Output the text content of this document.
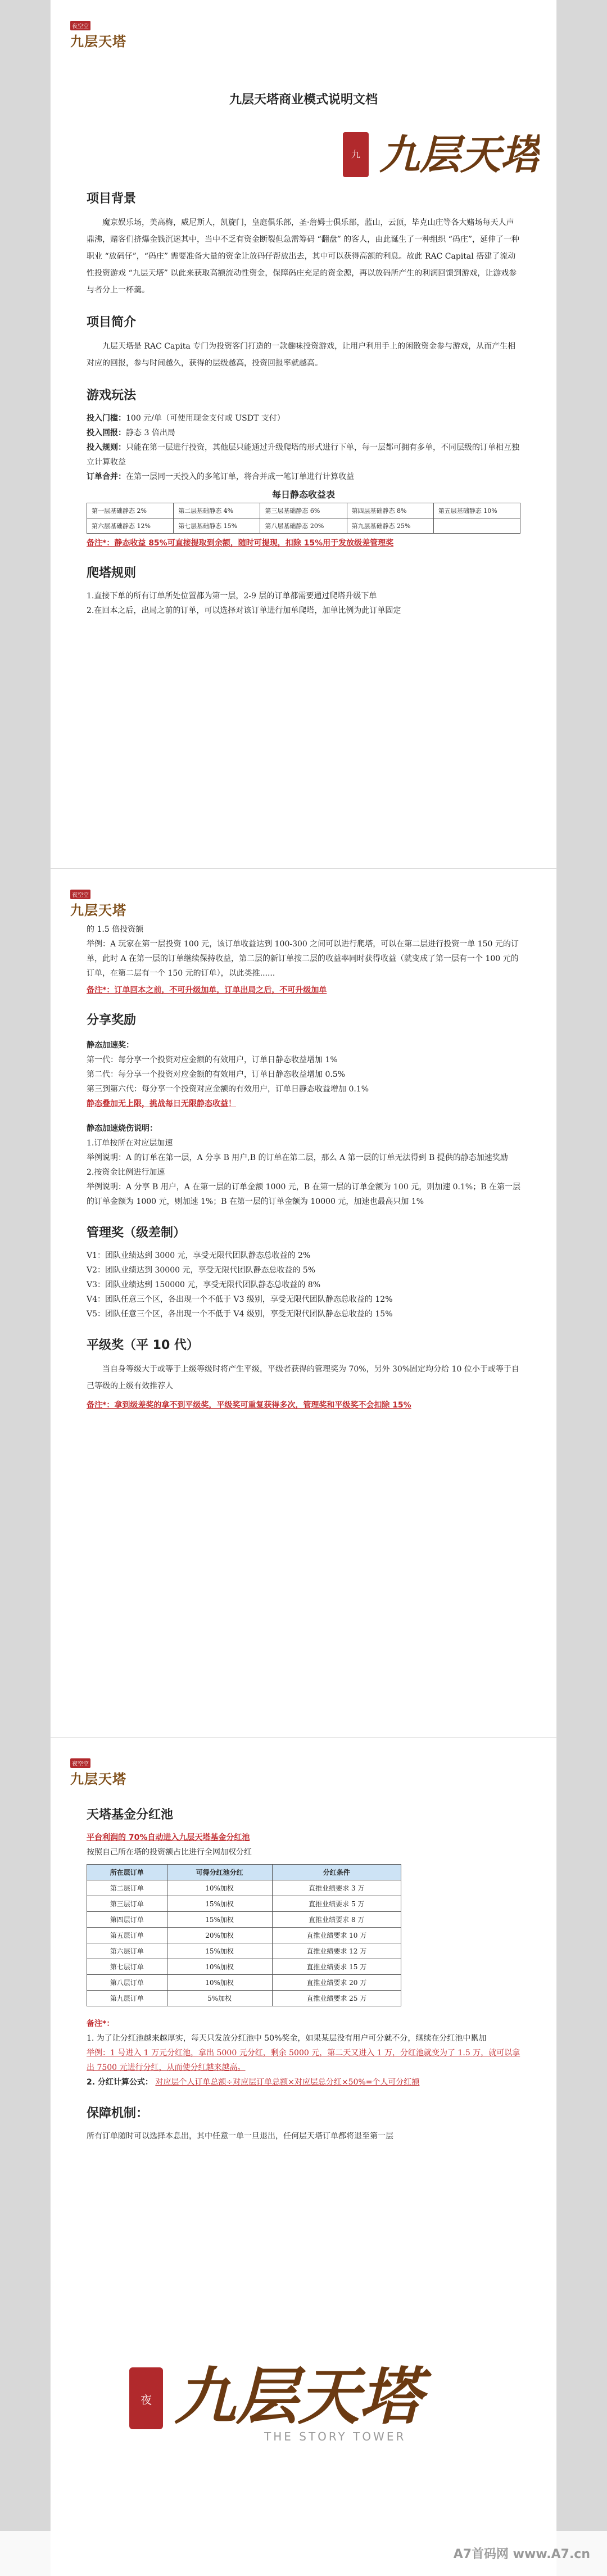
夜空空 九层天塔
九 九层天塔
九层天塔商业模式说明文档
项目背景

魔京娱乐场，美高梅，威尼斯人，凯旋门，皇庭俱乐部，圣·詹姆士俱乐部，蓝山，云顶，毕克山庄等各大赌场每天人声鼎沸，赌客们挤爆金钱沉迷其中，当中不乏有资金断裂但急需筹码 “翻盘” 的客人，由此诞生了一种组织 “码庄”，延伸了一种职业 “放码仔”，“码庄” 需要准备大量的资金让放码仔帮放出去，其中可以获得高额的利息。故此 RAC Capital 搭建了流动性投资游戏 “九层天塔” 以此来获取高额流动性资金，保障码庄充足的资金源，再以放码所产生的利润回馈到游戏，让游戏参与者分上一杯羹。

项目简介

九层天塔是 RAC Capita 专门为投资客门打造的一款趣味投资游戏，让用户利用手上的闲散资金参与游戏，从而产生相对应的回报，参与时间越久，获得的层级越高，投资回报率就越高。

游戏玩法

投入门槛：100 元/单（可使用现金支付或 USDT 支付）

投入回报：静态 3 倍出局

投入规则：只能在第一层进行投资，其他层只能通过升级爬塔的形式进行下单，每一层都可拥有多单，不同层级的订单相互独立计算收益

订单合并：在第一层同一天投入的多笔订单，将合并成一笔订单进行计算收益

每日静态收益表
第一层基础静态 2%	第二层基础静态 4%	第三层基础静态 6%	第四层基础静态 8%	第五层基础静态 10%
第六层基础静态 12%	第七层基础静态 15%	第八层基础静态 20%	第九层基础静态 25%	
备注*：静态收益 85%可直接提取到余额，随时可提现，扣除 15%用于发放级差管理奖
爬塔规则

1.直接下单的所有订单所处位置都为第一层，2-9 层的订单都需要通过爬塔升级下单

2.在回本之后，出局之前的订单，可以选择对该订单进行加单爬塔，加单比例为此订单固定

夜空空 九层天塔

的 1.5 倍投资额

举例：A 玩家在第一层投资 100 元，该订单收益达到 100-300 之间可以进行爬塔，可以在第二层进行投资一单 150 元的订单，此时 A 在第一层的订单继续保持收益，第二层的新订单按二层的收益率同时获得收益（就变成了第一层有一个 100 元的订单，在第二层有一个 150 元的订单），以此类推......

备注*：订单回本之前，不可升级加单，订单出局之后，不可升级加单
分享奖励
静态加速奖：

第一代：每分享一个投资对应金额的有效用户，订单日静态收益增加 1%

第二代：每分享一个投资对应金额的有效用户，订单日静态收益增加 0.5%

第三到第六代：每分享一个投资对应金额的有效用户，订单日静态收益增加 0.1%

静态叠加无上限，挑战每日无限静态收益！

静态加速烧伤说明：

1.订单按所在对应层加速

举例说明：A 的订单在第一层，A 分享 B 用户,B 的订单在第二层，那么 A 第一层的订单无法得到 B 提供的静态加速奖励

2.按资金比例进行加速

举例说明：A 分享 B 用户，A 在第一层的订单金额 1000 元，B 在第一层的订单金额为 100 元，则加速 0.1%；B 在第一层的订单金额为 1000 元，则加速 1%；B 在第一层的订单金额为 10000 元，加速也最高只加 1%

管理奖（级差制）

V1：团队业绩达到 3000 元，享受无限代团队静态总收益的 2%

V2：团队业绩达到 30000 元，享受无限代团队静态总收益的 5%

V3：团队业绩达到 150000 元，享受无限代团队静态总收益的 8%

V4：团队任意三个区，各出现一个不低于 V3 级别，享受无限代团队静态总收益的 12%

V5：团队任意三个区，各出现一个不低于 V4 级别，享受无限代团队静态总收益的 15%

平级奖（平 10 代）

当自身等级大于或等于上级等级时将产生平级，平级者获得的管理奖为 70%，另外 30%固定均分给 10 位小于或等于自己等级的上级有效推荐人

备注*：拿到级差奖的拿不到平级奖，平级奖可重复获得多次，管理奖和平级奖不会扣除 15%
夜空空 九层天塔
天塔基金分红池

平台利润的 70%自动进入九层天塔基金分红池

按照自己所在塔的投资额占比进行全网加权分红

所在层订单	可得分红池分红	分红条件
第二层订单	10%加权	直推业绩要求 3 万
第三层订单	15%加权	直推业绩要求 5 万
第四层订单	15%加权	直推业绩要求 8 万
第五层订单	20%加权	直推业绩要求 10 万
第六层订单	15%加权	直推业绩要求 12 万
第七层订单	10%加权	直推业绩要求 15 万
第八层订单	10%加权	直推业绩要求 20 万
第九层订单	5%加权	直推业绩要求 25 万
备注*：

1. 为了让分红池越来越厚实，每天只发放分红池中 50%奖金，如果某层没有用户可分就不分，继续在分红池中累加

举例：1 号进入 1 万元分红池，拿出 5000 元分红，剩余 5000 元，第二天又进入 1 万，分红池就变为了 1.5 万，就可以拿出 7500 元进行分红，从而使分红越来越高。

2. 分红计算公式： 对应层个人订单总额÷对应层订单总额×对应层总分红×50%=个人可分红额

保障机制：

所有订单随时可以选择本息出，其中任意一单一旦退出，任何层天塔订单都将退至第一层

夜 九层天塔
THE STORY TOWER
A7首码网 www.A7.cn
